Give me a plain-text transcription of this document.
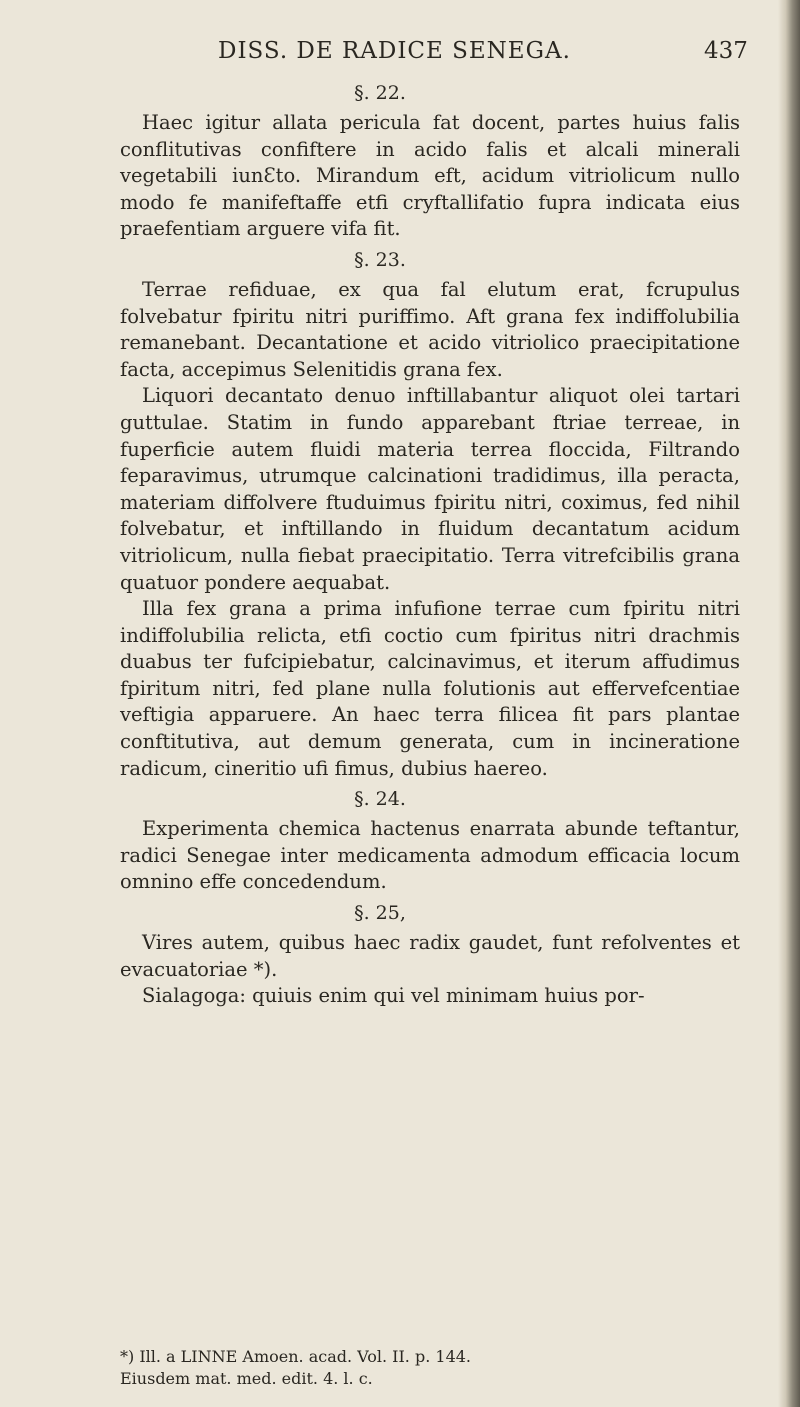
DISS. DE RADICE SENEGA.	437
§. 22.

Haec igitur allata pericula fat docent, partes huius falis conflitutivas confiftere in acido falis et alcali minerali vegetabili iunƐto. Mirandum eft, acidum vitriolicum nullo modo fe manifeftaffe etfi cryftallifatio fupra indicata eius praefentiam arguere vifa fit.

§. 23.

Terrae refiduae, ex qua fal elutum erat, fcrupulus folvebatur fpiritu nitri puriffimo. Aft grana fex indiffolubilia remanebant. Decantatione et acido vitriolico praecipitatione facta, accepimus Selenitidis grana fex.

Liquori decantato denuo inftillabantur aliquot olei tartari guttulae. Statim in fundo apparebant ftriae terreae, in fuperficie autem fluidi materia terrea floccida, Filtrando feparavimus, utrumque calcinationi tradidimus, illa peracta, materiam diffolvere ftuduimus fpiritu nitri, coximus, fed nihil folvebatur, et inftillando in fluidum decantatum acidum vitriolicum, nulla fiebat praecipitatio. Terra vitrefcibilis grana quatuor pondere aequabat.

Illa fex grana a prima infufione terrae cum fpiritu nitri indiffolubilia relicta, etfi coctio cum fpiritus nitri drachmis duabus ter fufcipiebatur, calcinavimus, et iterum affudimus fpiritum nitri, fed plane nulla folutionis aut effervefcentiae veftigia apparuere. An haec terra filicea fit pars plantae conftitutiva, aut demum generata, cum in incineratione radicum, cineritio ufi fimus, dubius haereo.

§. 24.

Experimenta chemica hactenus enarrata abunde teftantur, radici Senegae inter medicamenta admodum efficacia locum omnino effe concedendum.

§. 25,

Vires autem, quibus haec radix gaudet, funt refolventes et evacuatoriae *).

Sialagoga: quiuis enim qui vel minimam huius por-

*) Ill. a LINNE Amoen. acad. Vol. II. p. 144.
Eiusdem mat. med. edit. 4. l. c.
